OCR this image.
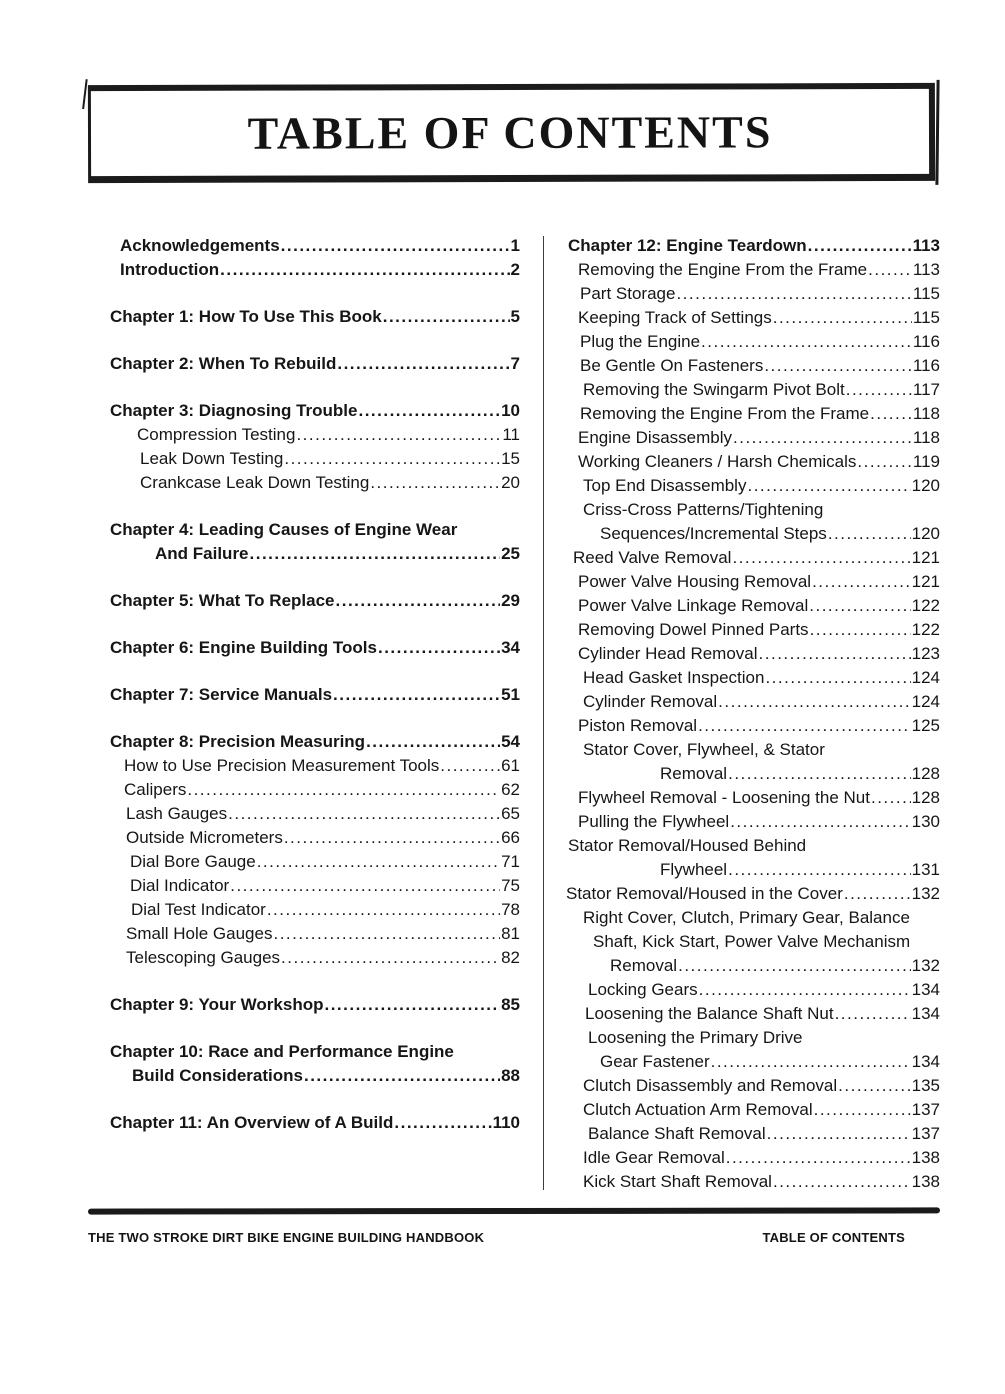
TABLE OF CONTENTS
Acknowledgements .....	1
Introduction .....	2
Chapter 1: How To Use This Book .....	5
Chapter 2: When To Rebuild .....	7
Chapter 3: Diagnosing Trouble .....	10
Compression Testing .....	11
Leak Down Testing .....	15
Crankcase Leak Down Testing .....	20
Chapter 4: Leading Causes of Engine Wear
And Failure .....	25
Chapter 5: What To Replace .....	29
Chapter 6: Engine Building Tools .....	34
Chapter 7: Service Manuals .....	51
Chapter 8: Precision Measuring .....	54
How to Use Precision Measurement Tools .....	61
Calipers .....	62
Lash Gauges .....	65
Outside Micrometers .....	66
Dial Bore Gauge .....	71
Dial Indicator .....	75
Dial Test Indicator .....	78
Small Hole Gauges .....	81
Telescoping Gauges .....	82
Chapter 9: Your Workshop .....	85
Chapter 10: Race and Performance Engine
Build Considerations .....	88
Chapter 11: An Overview of A Build .....	110
Chapter 12: Engine Teardown .....	113
Removing the Engine From the Frame .....	113
Part Storage .....	115
Keeping Track of Settings .....	115
Plug the Engine .....	116
Be Gentle On Fasteners .....	116
Removing the Swingarm Pivot Bolt .....	117
Removing the Engine From the Frame .....	118
Engine Disassembly .....	118
Working Cleaners / Harsh Chemicals .....	119
Top End Disassembly .....	120
Criss-Cross Patterns/Tightening
Sequences/Incremental Steps .....	120
Reed Valve Removal .....	121
Power Valve Housing Removal .....	121
Power Valve Linkage Removal .....	122
Removing Dowel Pinned Parts .....	122
Cylinder Head Removal .....	123
Head Gasket Inspection .....	124
Cylinder Removal .....	124
Piston Removal .....	125
Stator Cover, Flywheel, & Stator
Removal .....	128
Flywheel Removal - Loosening the Nut ..... 128
Pulling the Flywheel .....	130
Stator Removal/Housed Behind
Flywheel .....	131
Stator Removal/Housed in the Cover .....	132
Right Cover, Clutch, Primary Gear, Balance
Shaft, Kick Start, Power Valve Mechanism
Removal .....	132
Locking Gears .....	134
Loosening the Balance Shaft Nut .....	134
Loosening the Primary Drive
Gear Fastener .....	134
Clutch Disassembly and Removal .....	135
Clutch Actuation Arm Removal .....	137
Balance Shaft Removal .....	137
Idle Gear Removal .....	138
Kick Start Shaft Removal .....	138
THE TWO STROKE DIRT BIKE ENGINE BUILDING HANDBOOK	TABLE OF CONTENTS
